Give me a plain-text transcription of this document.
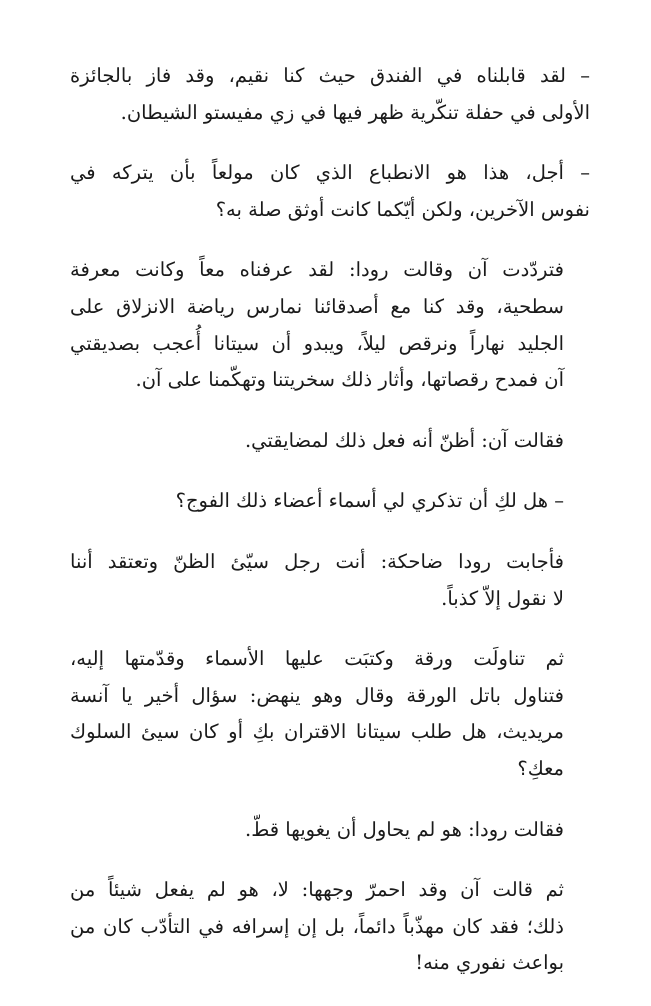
– لقد قابلناه في الفندق حيث كنا نقيم، وقد فاز بالجائزة
الأولى في حفلة تنكّرية ظهر فيها في زي مفيستو الشيطان.

– أجل، هذا هو الانطباع الذي كان مولعاً بأن يتركه في
نفوس الآخرين، ولكن أيّكما كانت أوثق صلة به؟

فتردّدت آن وقالت رودا: لقد عرفناه معاً وكانت معرفة
سطحية، وقد كنا مع أصدقائنا نمارس رياضة الانزلاق على
الجليد نهاراً ونرقص ليلاً، ويبدو أن سيتانا أُعجب بصديقتي
آن فمدح رقصاتها، وأثار ذلك سخريتنا وتهكّمنا على آن.

فقالت آن: أظنّ أنه فعل ذلك لمضايقتي.

– هل لكِ أن تذكري لي أسماء أعضاء ذلك الفوج؟

فأجابت رودا ضاحكة: أنت رجل سيّئ الظنّ وتعتقد أننا
لا نقول إلاّ كذباً.

ثم تناولَت ورقة وكتبَت عليها الأسماء وقدّمتها إليه،
فتناول باتل الورقة وقال وهو ينهض: سؤال أخير يا آنسة
مريديث، هل طلب سيتانا الاقتران بكِ أو كان سيئ السلوك
معكِ؟

فقالت رودا: هو لم يحاول أن يغويها قطّ.

ثم قالت آن وقد احمرّ وجهها: لا، هو لم يفعل شيئاً من
ذلك؛ فقد كان مهذّباً دائماً، بل إن إسرافه في التأدّب كان من
بواعث نفوري منه!
